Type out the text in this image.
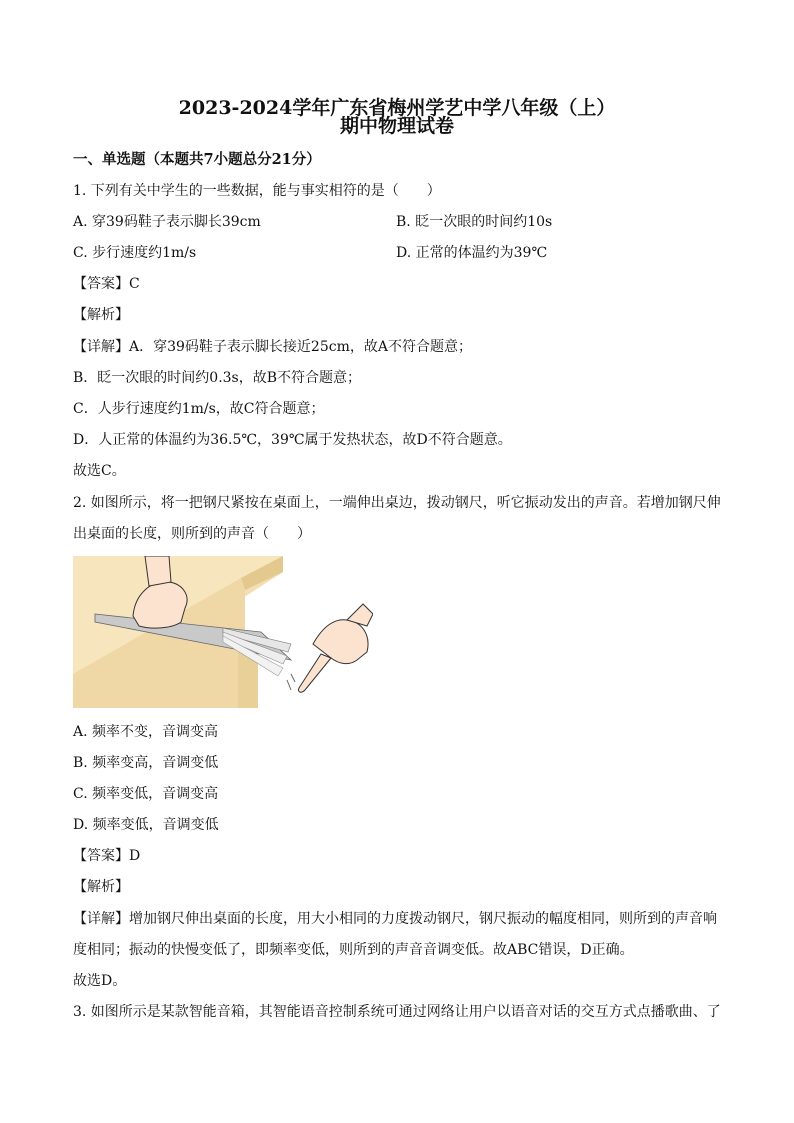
2023-2024学年广东省梅州学艺中学八年级（上）
期中物理试卷
一、单选题（本题共7小题总分21分）
1. 下列有关中学生的一些数据，能与事实相符的是（　　）
A. 穿39码鞋子表示脚长39cm	B. 眨一次眼的时间约10s
C. 步行速度约1m/s	D. 正常的体温约为39℃
【答案】C
【解析】
【详解】A．穿39码鞋子表示脚长接近25cm，故A不符合题意；
B．眨一次眼的时间约0.3s，故B不符合题意；
C．人步行速度约1m/s，故C符合题意；
D．人正常的体温约为36.5℃，39℃属于发热状态，故D不符合题意。
故选C。
2. 如图所示，将一把钢尺紧按在桌面上，一端伸出桌边，拨动钢尺，听它振动发出的声音。若增加钢尺伸
出桌面的长度，则所到的声音（　　）
A. 频率不变，音调变高
B. 频率变高，音调变低
C. 频率变低，音调变高
D. 频率变低，音调变低
【答案】D
【解析】
【详解】增加钢尺伸出桌面的长度，用大小相同的力度拨动钢尺，钢尺振动的幅度相同，则所到的声音响
度相同；振动的快慢变低了，即频率变低，则所到的声音音调变低。故ABC错误，D正确。
故选D。
3. 如图所示是某款智能音箱，其智能语音控制系统可通过网络让用户以语音对话的交互方式点播歌曲、了
